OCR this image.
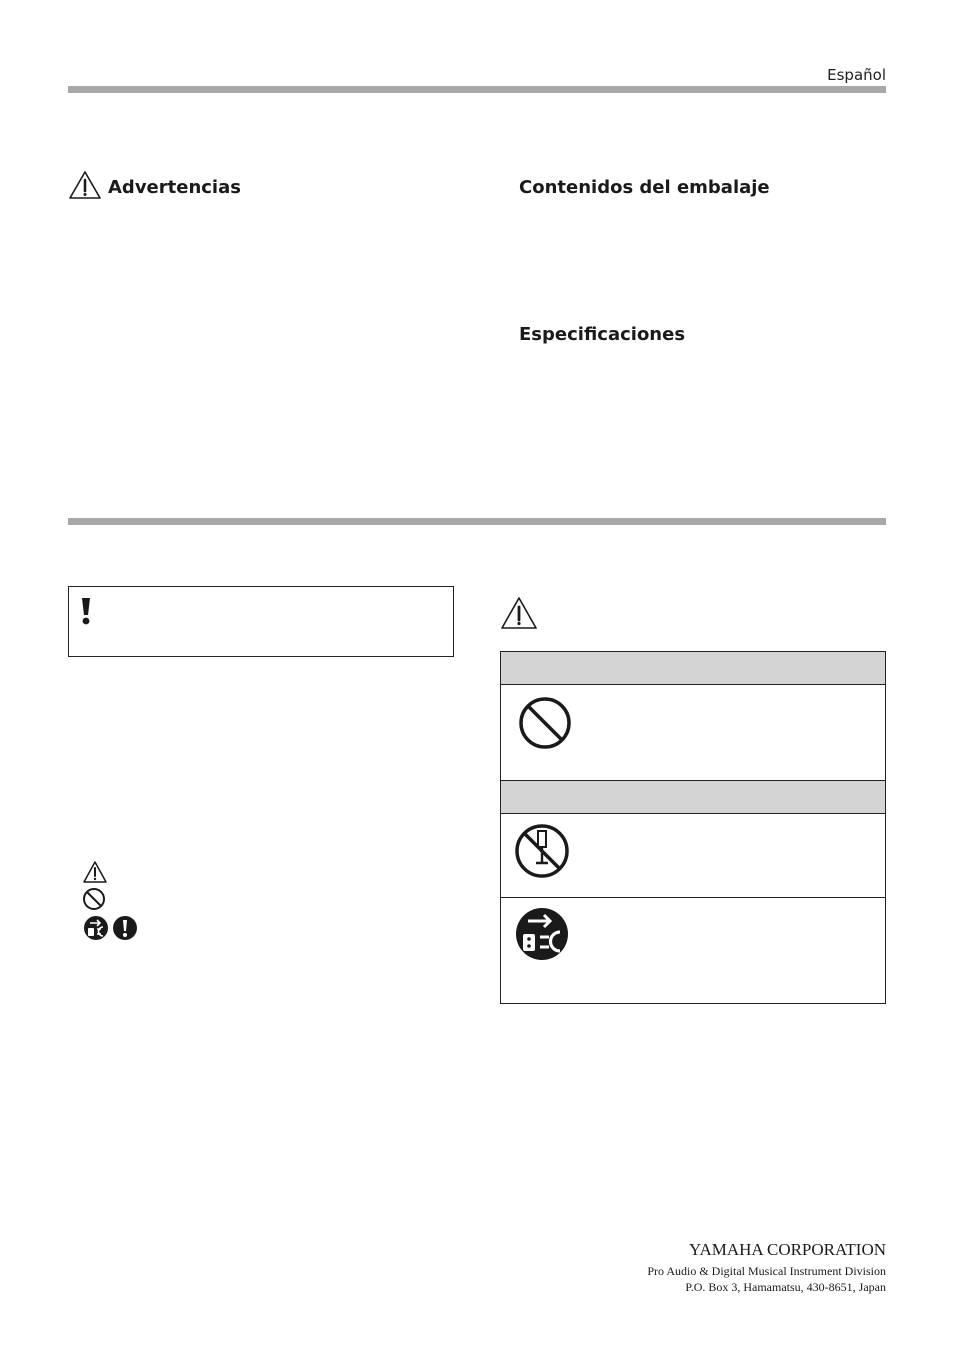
Español
Advertencias	Contenidos del embalaje
Especificaciones
YAMAHA CORPORATION
Pro Audio & Digital Musical Instrument Division
P.O. Box 3, Hamamatsu, 430-8651, Japan
